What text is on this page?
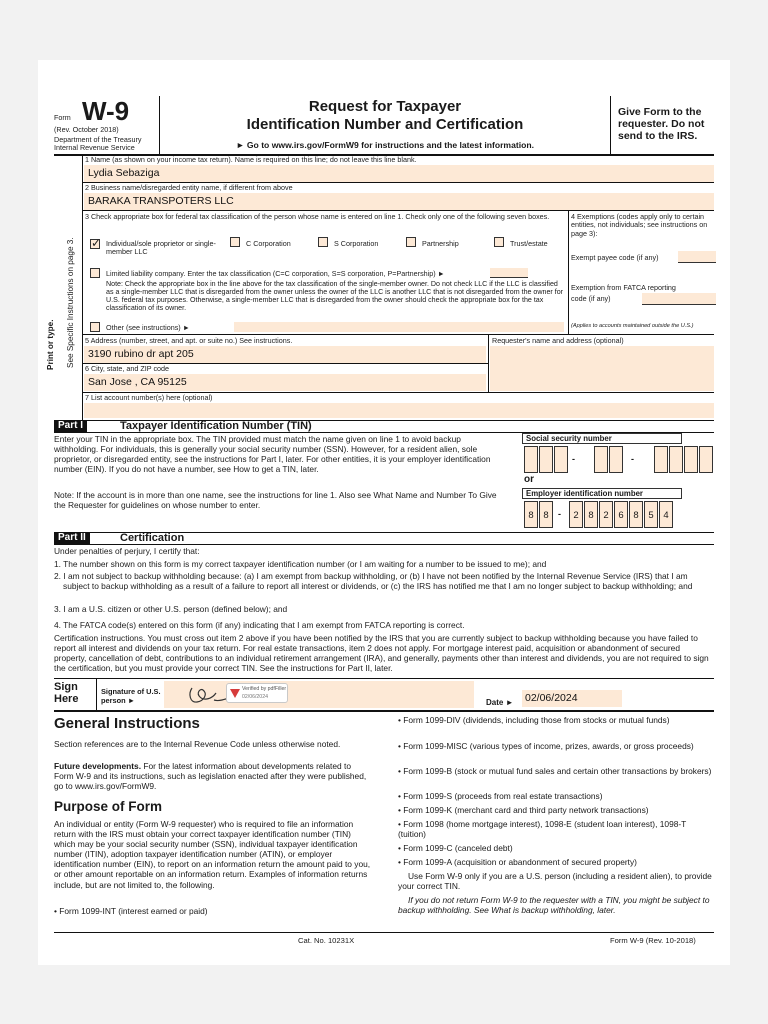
Form W-9
(Rev. October 2018)
Department of the Treasury
Internal Revenue Service
Request for Taxpayer
Identification Number and Certification
► Go to www.irs.gov/FormW9 for instructions and the latest information.
Give Form to the requester. Do not send to the IRS.
Print or type. See Specific Instructions on page 3.
1 Name (as shown on your income tax return). Name is required on this line; do not leave this line blank.
Lydia Sebaziga
2 Business name/disregarded entity name, if different from above
BARAKA TRANSPOTERS LLC
3 Check appropriate box for federal tax classification of the person whose name is entered on line 1. Check only one of the following seven boxes.
✓ Individual/sole proprietor or single-member LLC
C Corporation	S Corporation	Partnership	Trust/estate
Limited liability company. Enter the tax classification (C=C corporation, S=S corporation, P=Partnership) ►
Note: Check the appropriate box in the line above for the tax classification of the single-member owner. Do not check LLC if the LLC is classified as a single-member LLC that is disregarded from the owner unless the owner of the LLC is another LLC that is not disregarded from the owner for U.S. federal tax purposes. Otherwise, a single-member LLC that is disregarded from the owner should check the appropriate box for the tax classification of its owner.
Other (see instructions) ►
4 Exemptions (codes apply only to certain entities, not individuals; see instructions on page 3):
Exempt payee code (if any)
Exemption from FATCA reporting code (if any)
(Applies to accounts maintained outside the U.S.)
5 Address (number, street, and apt. or suite no.) See instructions.
3190 rubino dr apt 205
6 City, state, and ZIP code
San Jose , CA 95125
Requester's name and address (optional)
7 List account number(s) here (optional)
Part I	Taxpayer Identification Number (TIN)
Enter your TIN in the appropriate box. The TIN provided must match the name given on line 1 to avoid backup withholding. For individuals, this is generally your social security number (SSN). However, for a resident alien, sole proprietor, or disregarded entity, see the instructions for Part I, later. For other entities, it is your employer identification number (EIN). If you do not have a number, see How to get a TIN, later.
Note: If the account is in more than one name, see the instructions for line 1. Also see What Name and Number To Give the Requester for guidelines on whose number to enter.
Social security number
-	-
or
Employer identification number
8	8	-	2	8	2	6	8	5	4
Part II	Certification
Under penalties of perjury, I certify that:
1. The number shown on this form is my correct taxpayer identification number (or I am waiting for a number to be issued to me); and
2. I am not subject to backup withholding because: (a) I am exempt from backup withholding, or (b) I have not been notified by the Internal Revenue Service (IRS) that I am subject to backup withholding as a result of a failure to report all interest or dividends, or (c) the IRS has notified me that I am no longer subject to backup withholding; and
3. I am a U.S. citizen or other U.S. person (defined below); and
4. The FATCA code(s) entered on this form (if any) indicating that I am exempt from FATCA reporting is correct.
Certification instructions. You must cross out item 2 above if you have been notified by the IRS that you are currently subject to backup withholding because you have failed to report all interest and dividends on your tax return. For real estate transactions, item 2 does not apply. For mortgage interest paid, acquisition or abandonment of secured property, cancellation of debt, contributions to an individual retirement arrangement (IRA), and generally, payments other than interest and dividends, you are not required to sign the certification, but you must provide your correct TIN. See the instructions for Part II, later.
Sign Here
Signature of U.S. person ►
Verified by pdfFiller
02/06/2024
Date ► 02/06/2024
General Instructions
Section references are to the Internal Revenue Code unless otherwise noted.
Future developments. For the latest information about developments related to Form W-9 and its instructions, such as legislation enacted after they were published, go to www.irs.gov/FormW9.
Purpose of Form
An individual or entity (Form W-9 requester) who is required to file an information return with the IRS must obtain your correct taxpayer identification number (TIN) which may be your social security number (SSN), individual taxpayer identification number (ITIN), adoption taxpayer identification number (ATIN), or employer identification number (EIN), to report on an information return the amount paid to you, or other amount reportable on an information return. Examples of information returns include, but are not limited to, the following.
• Form 1099-INT (interest earned or paid)
• Form 1099-DIV (dividends, including those from stocks or mutual funds)
• Form 1099-MISC (various types of income, prizes, awards, or gross proceeds)
• Form 1099-B (stock or mutual fund sales and certain other transactions by brokers)
• Form 1099-S (proceeds from real estate transactions)
• Form 1099-K (merchant card and third party network transactions)
• Form 1098 (home mortgage interest), 1098-E (student loan interest), 1098-T (tuition)
• Form 1099-C (canceled debt)
• Form 1099-A (acquisition or abandonment of secured property)
Use Form W-9 only if you are a U.S. person (including a resident alien), to provide your correct TIN.
If you do not return Form W-9 to the requester with a TIN, you might be subject to backup withholding. See What is backup withholding, later.
Cat. No. 10231X	Form W-9 (Rev. 10-2018)
